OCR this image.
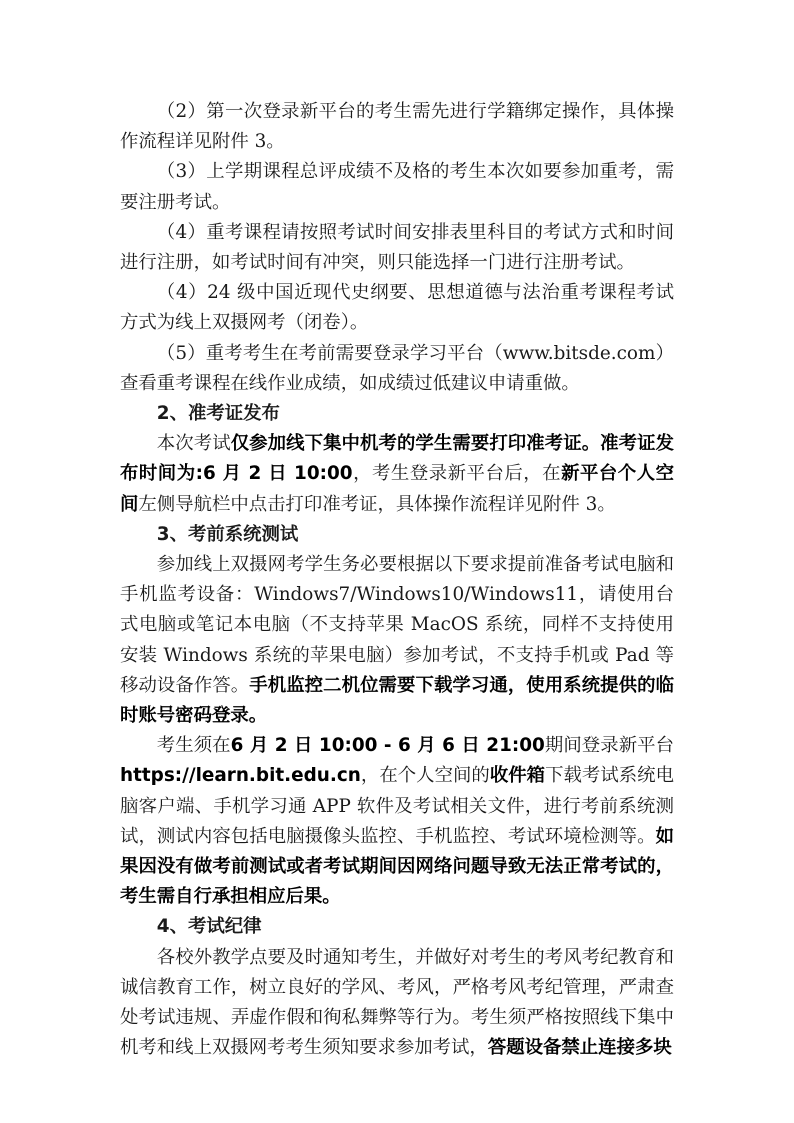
（2）第一次登录新平台的考生需先进行学籍绑定操作，具体操作流程详见附件 3。

（3）上学期课程总评成绩不及格的考生本次如要参加重考，需要注册考试。

（4）重考课程请按照考试时间安排表里科目的考试方式和时间进行注册，如考试时间有冲突，则只能选择一门进行注册考试。

（4）24 级中国近现代史纲要、思想道德与法治重考课程考试方式为线上双摄网考（闭卷）。

（5）重考考生在考前需要登录学习平台（www.bitsde.com）查看重考课程在线作业成绩，如成绩过低建议申请重做。

2、准考证发布

本次考试仅参加线下集中机考的学生需要打印准考证。准考证发布时间为:6 月 2 日 10:00，考生登录新平台后，在新平台个人空间左侧导航栏中点击打印准考证，具体操作流程详见附件 3。

3、考前系统测试

参加线上双摄网考学生务必要根据以下要求提前准备考试电脑和手机监考设备：Windows7/Windows10/Windows11，请使用台式电脑或笔记本电脑（不支持苹果 MacOS 系统，同样不支持使用安装 Windows 系统的苹果电脑）参加考试，不支持手机或 Pad 等移动设备作答。手机监控二机位需要下载学习通，使用系统提供的临时账号密码登录。

考生须在6 月 2 日 10:00 - 6 月 6 日 21:00期间登录新平台https://learn.bit.edu.cn，在个人空间的收件箱下载考试系统电脑客户端、手机学习通 APP 软件及考试相关文件，进行考前系统测试，测试内容包括电脑摄像头监控、手机监控、考试环境检测等。如果因没有做考前测试或者考试期间因网络问题导致无法正常考试的，考生需自行承担相应后果。

4、考试纪律

各校外教学点要及时通知考生，并做好对考生的考风考纪教育和诚信教育工作，树立良好的学风、考风，严格考风考纪管理，严肃查处考试违规、弄虚作假和徇私舞弊等行为。考生须严格按照线下集中机考和线上双摄网考考生须知要求参加考试，答题设备禁止连接多块
